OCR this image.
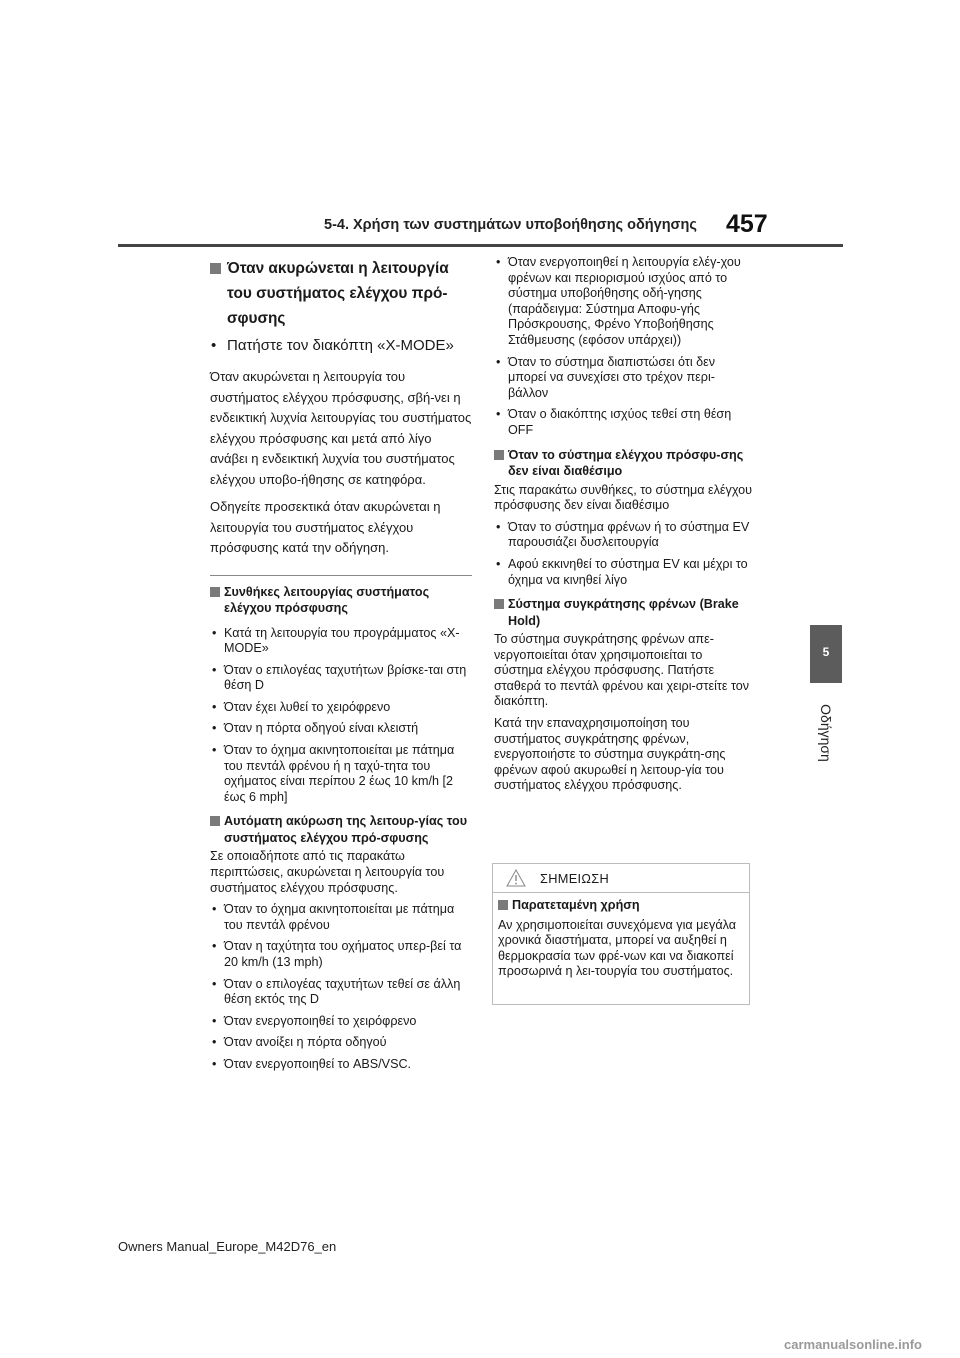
5-4. Χρήση των συστημάτων υποβοήθησης οδήγησης 457
5
Οδήγηση

Όταν ακυρώνεται η λειτουργία του συστήματος ελέγχου πρό-σφυσης

• Πατήστε τον διακόπτη «X-MODE»

Όταν ακυρώνεται η λειτουργία του συστήματος ελέγχου πρόσφυσης, σβή-νει η ενδεικτική λυχνία λειτουργίας του συστήματος ελέγχου πρόσφυσης και μετά από λίγο ανάβει η ενδεικτική λυχνία του συστήματος ελέγχου υποβο-ήθησης σε κατηφόρα.

Οδηγείτε προσεκτικά όταν ακυρώνεται η λειτουργία του συστήματος ελέγχου πρόσφυσης κατά την οδήγηση.

Συνθήκες λειτουργίας συστήματος ελέγχου πρόσφυσης

• Κατά τη λειτουργία του προγράμματος «X-MODE»

• Όταν ο επιλογέας ταχυτήτων βρίσκε-ται στη θέση D

• Όταν έχει λυθεί το χειρόφρενο

• Όταν η πόρτα οδηγού είναι κλειστή

• Όταν το όχημα ακινητοποιείται με πάτημα του πεντάλ φρένου ή η ταχύ-τητα του οχήματος είναι περίπου 2 έως 10 km/h [2 έως 6 mph]

Αυτόματη ακύρωση της λειτουρ-γίας του συστήματος ελέγχου πρό-σφυσης

Σε οποιαδήποτε από τις παρακάτω περιπτώσεις, ακυρώνεται η λειτουργία του συστήματος ελέγχου πρόσφυσης.

• Όταν το όχημα ακινητοποιείται με πάτημα του πεντάλ φρένου

• Όταν η ταχύτητα του οχήματος υπερ-βεί τα 20 km/h (13 mph)

• Όταν ο επιλογέας ταχυτήτων τεθεί σε άλλη θέση εκτός της D

• Όταν ενεργοποιηθεί το χειρόφρενο

• Όταν ανοίξει η πόρτα οδηγού

• Όταν ενεργοποιηθεί το ABS/VSC.

• Όταν ενεργοποιηθεί η λειτουργία ελέγ-χου φρένων και περιορισμού ισχύος από το σύστημα υποβοήθησης οδή-γησης (παράδειγμα: Σύστημα Αποφυ-γής Πρόσκρουσης, Φρένο Υποβοήθησης Στάθμευσης (εφόσον υπάρχει))

• Όταν το σύστημα διαπιστώσει ότι δεν μπορεί να συνεχίσει στο τρέχον περι-βάλλον

• Όταν ο διακόπτης ισχύος τεθεί στη θέση OFF

Όταν το σύστημα ελέγχου πρόσφυ-σης δεν είναι διαθέσιμο

Στις παρακάτω συνθήκες, το σύστημα ελέγχου πρόσφυσης δεν είναι διαθέσιμο

• Όταν το σύστημα φρένων ή το σύστημα EV παρουσιάζει δυσλειτουργία

• Αφού εκκινηθεί το σύστημα EV και μέχρι το όχημα να κινηθεί λίγο

Σύστημα συγκράτησης φρένων (Brake Hold)

Το σύστημα συγκράτησης φρένων απε-νεργοποιείται όταν χρησιμοποιείται το σύστημα ελέγχου πρόσφυσης. Πατήστε σταθερά το πεντάλ φρένου και χειρι-στείτε τον διακόπτη.

Κατά την επαναχρησιμοποίηση του συστήματος συγκράτησης φρένων, ενεργοποιήστε το σύστημα συγκράτη-σης φρένων αφού ακυρωθεί η λειτουρ-γία του συστήματος ελέγχου πρόσφυσης.

ΣΗΜΕΙΩΣΗ

Παρατεταμένη χρήση

Αν χρησιμοποιείται συνεχόμενα για μεγάλα χρονικά διαστήματα, μπορεί να αυξηθεί η θερμοκρασία των φρέ-νων και να διακοπεί προσωρινά η λει-τουργία του συστήματος.

Owners Manual_Europe_M42D76_en
carmanualsonline.info
